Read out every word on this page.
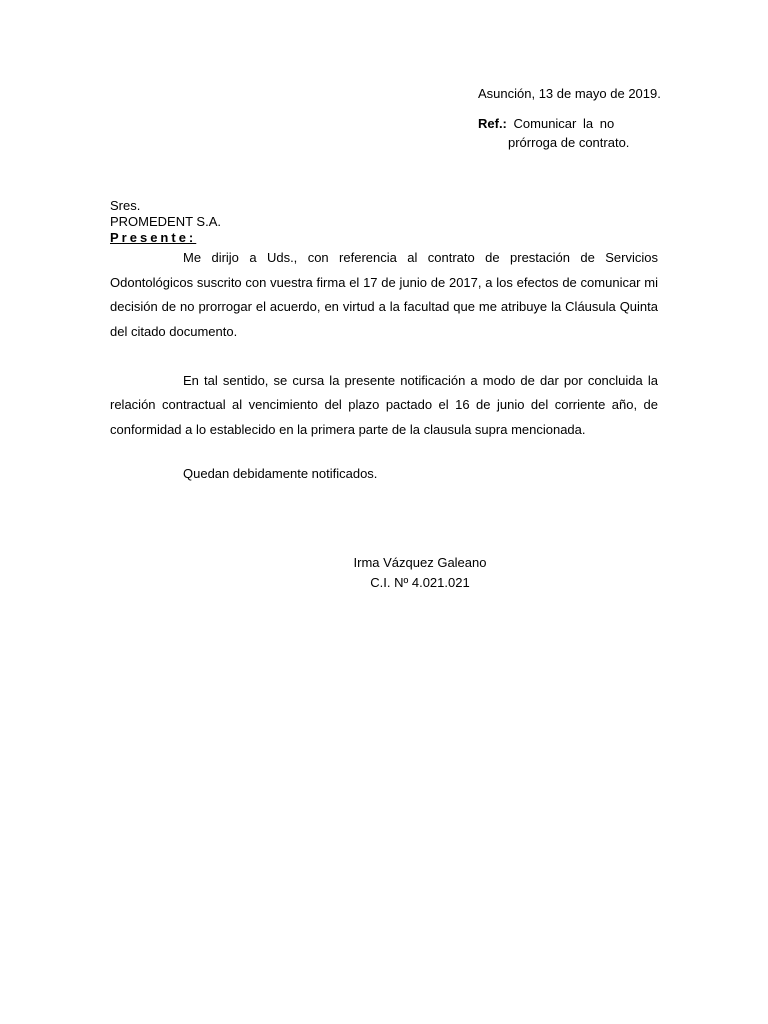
Asunción, 13 de mayo de 2019.
Ref.: Comunicar la no
prórroga de contrato.
Sres.
PROMEDENT S.A.
Presente:

Me dirijo a Uds., con referencia al contrato de prestación de Servicios Odontológicos suscrito con vuestra firma el 17 de junio de 2017, a los efectos de comunicar mi decisión de no prorrogar el acuerdo, en virtud a la facultad que me atribuye la Cláusula Quinta del citado documento.

En tal sentido, se cursa la presente notificación a modo de dar por concluida la relación contractual al vencimiento del plazo pactado el 16 de junio del corriente año, de conformidad a lo establecido en la primera parte de la clausula supra mencionada.

Quedan debidamente notificados.
Irma Vázquez Galeano
C.I. Nº 4.021.021
